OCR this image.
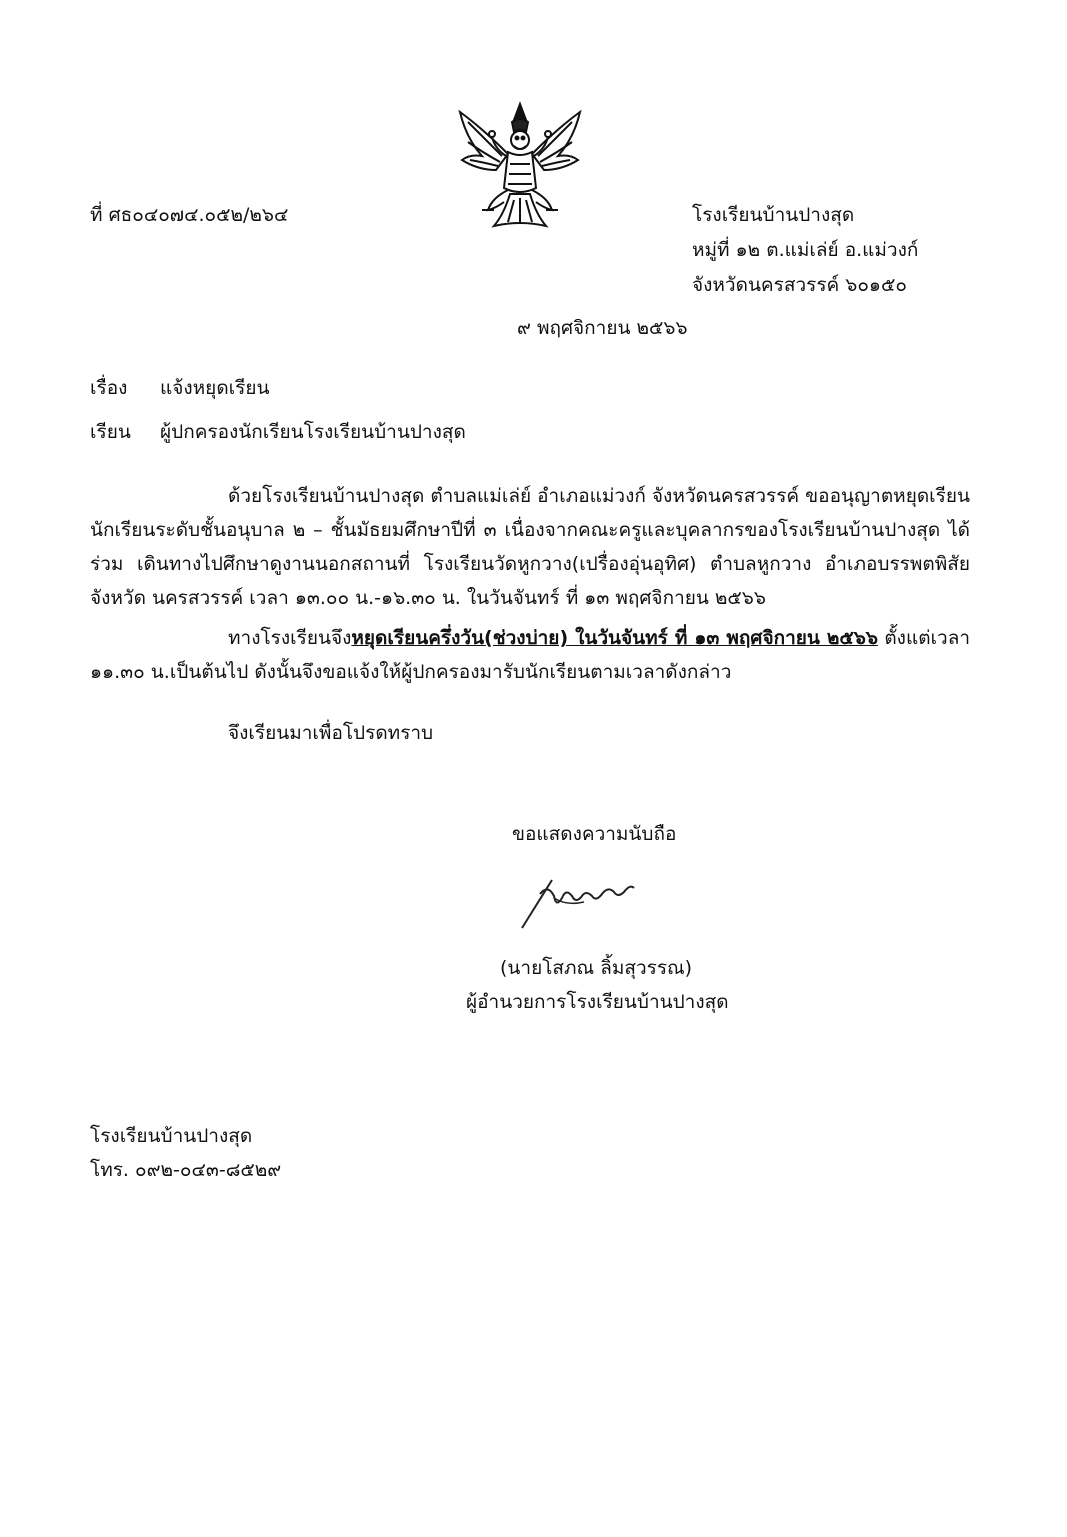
ที่ ศธ๐๔๐๗๔.๐๕๒/๒๖๔	โรงเรียนบ้านปางสุด
หมู่ที่ ๑๒ ต.แม่เล่ย์ อ.แม่วงก์
จังหวัดนครสวรรค์ ๖๐๑๕๐
๙ พฤศจิกายน ๒๕๖๖
เรื่อง แจ้งหยุดเรียน
เรียน ผู้ปกครองนักเรียนโรงเรียนบ้านปางสุด
ด้วยโรงเรียนบ้านปางสุด ตำบลแม่เล่ย์ อำเภอแม่วงก์ จังหวัดนครสวรรค์ ขออนุญาตหยุดเรียน นักเรียนระดับชั้นอนุบาล ๒ – ชั้นมัธยมศึกษาปีที่ ๓ เนื่องจากคณะครูและบุคลากรของโรงเรียนบ้านปางสุด ได้ร่วม เดินทางไปศึกษาดูงานนอกสถานที่ โรงเรียนวัดหูกวาง(เปรื่องอุ่นอุทิศ) ตำบลหูกวาง อำเภอบรรพตพิสัย จังหวัด นครสวรรค์ เวลา ๑๓.๐๐ น.-๑๖.๓๐ น. ในวันจันทร์ ที่ ๑๓ พฤศจิกายน ๒๕๖๖
ทางโรงเรียนจึงหยุดเรียนครึ่งวัน(ช่วงบ่าย) ในวันจันทร์ ที่ ๑๓ พฤศจิกายน ๒๕๖๖ ตั้งแต่เวลา ๑๑.๓๐ น.เป็นต้นไป ดังนั้นจึงขอแจ้งให้ผู้ปกครองมารับนักเรียนตามเวลาดังกล่าว
จึงเรียนมาเพื่อโปรดทราบ
ขอแสดงความนับถือ
(นายโสภณ ลิ้มสุวรรณ)
ผู้อำนวยการโรงเรียนบ้านปางสุด
โรงเรียนบ้านปางสุด
โทร. ๐๙๒-๐๔๓-๘๕๒๙
